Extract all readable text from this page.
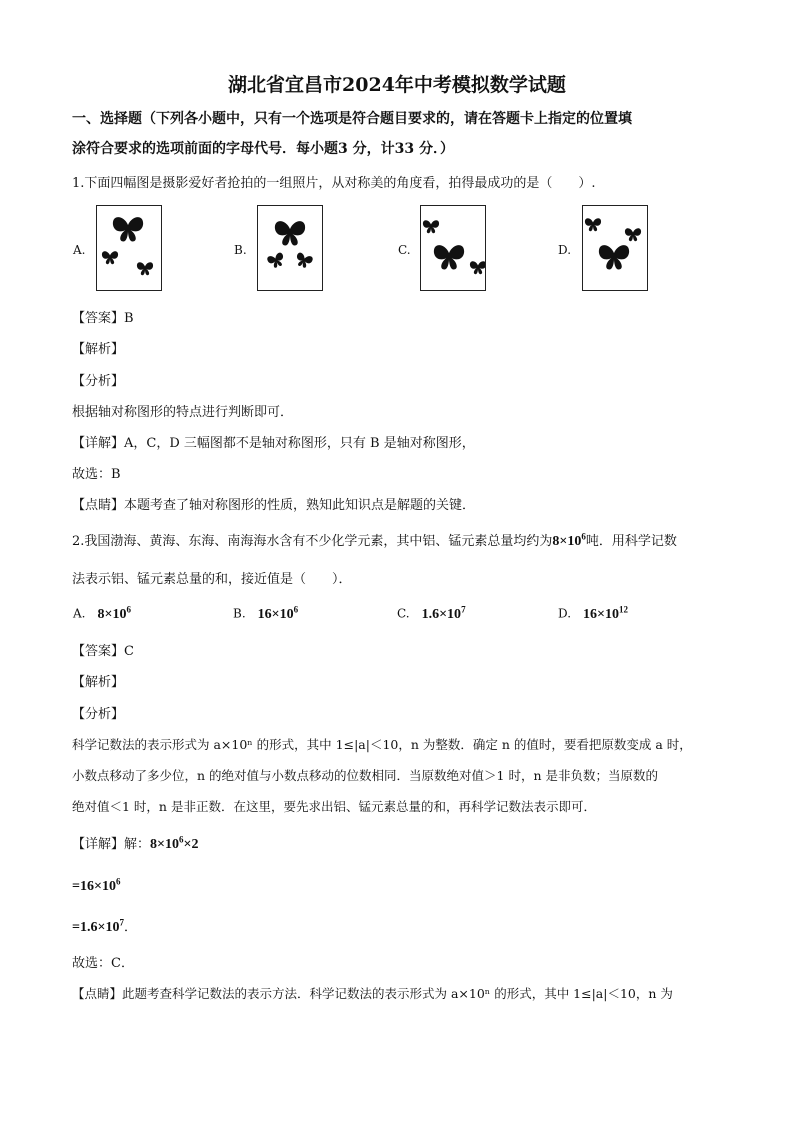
湖北省宜昌市2024年中考模拟数学试题
一、选择题（下列各小题中，只有一个选项是符合题目要求的，请在答题卡上指定的位置填
涂符合要求的选项前面的字母代号．每小题3 分，计33 分．）
1.下面四幅图是摄影爱好者抢拍的一组照片，从对称美的角度看，拍得最成功的是（　　）.
A.	B.	C.	D.
【答案】B
【解析】
【分析】
根据轴对称图形的特点进行判断即可．
【详解】A，C，D 三幅图都不是轴对称图形，只有 B 是轴对称图形，
故选：B
【点睛】本题考查了轴对称图形的性质，熟知此知识点是解题的关键．
2.我国渤海、黄海、东海、南海海水含有不少化学元素，其中铝、锰元素总量均约为$8\times 10^6$吨．用科学记数
法表示铝、锰元素总量的和，接近值是（　　）．
A. $8\times 10^6$	B. $16\times 10^6$	C. $1.6\times 10^7$	D. $16\times 10^{12}$
【答案】C
【解析】
【分析】
科学记数法的表示形式为 a×10ⁿ 的形式，其中 1≤|a|＜10，n 为整数．确定 n 的值时，要看把原数变成 a 时，
小数点移动了多少位，n 的绝对值与小数点移动的位数相同．当原数绝对值＞1 时，n 是非负数；当原数的
绝对值＜1 时，n 是非正数．在这里，要先求出铝、锰元素总量的和，再科学记数法表示即可．
【详解】解：$8\times 10^6\times 2$
$=16\times 10^6$
$=1.6\times 10^7$．
故选：C．
【点睛】此题考查科学记数法的表示方法．科学记数法的表示形式为 a×10ⁿ 的形式，其中 1≤|a|＜10，n 为
